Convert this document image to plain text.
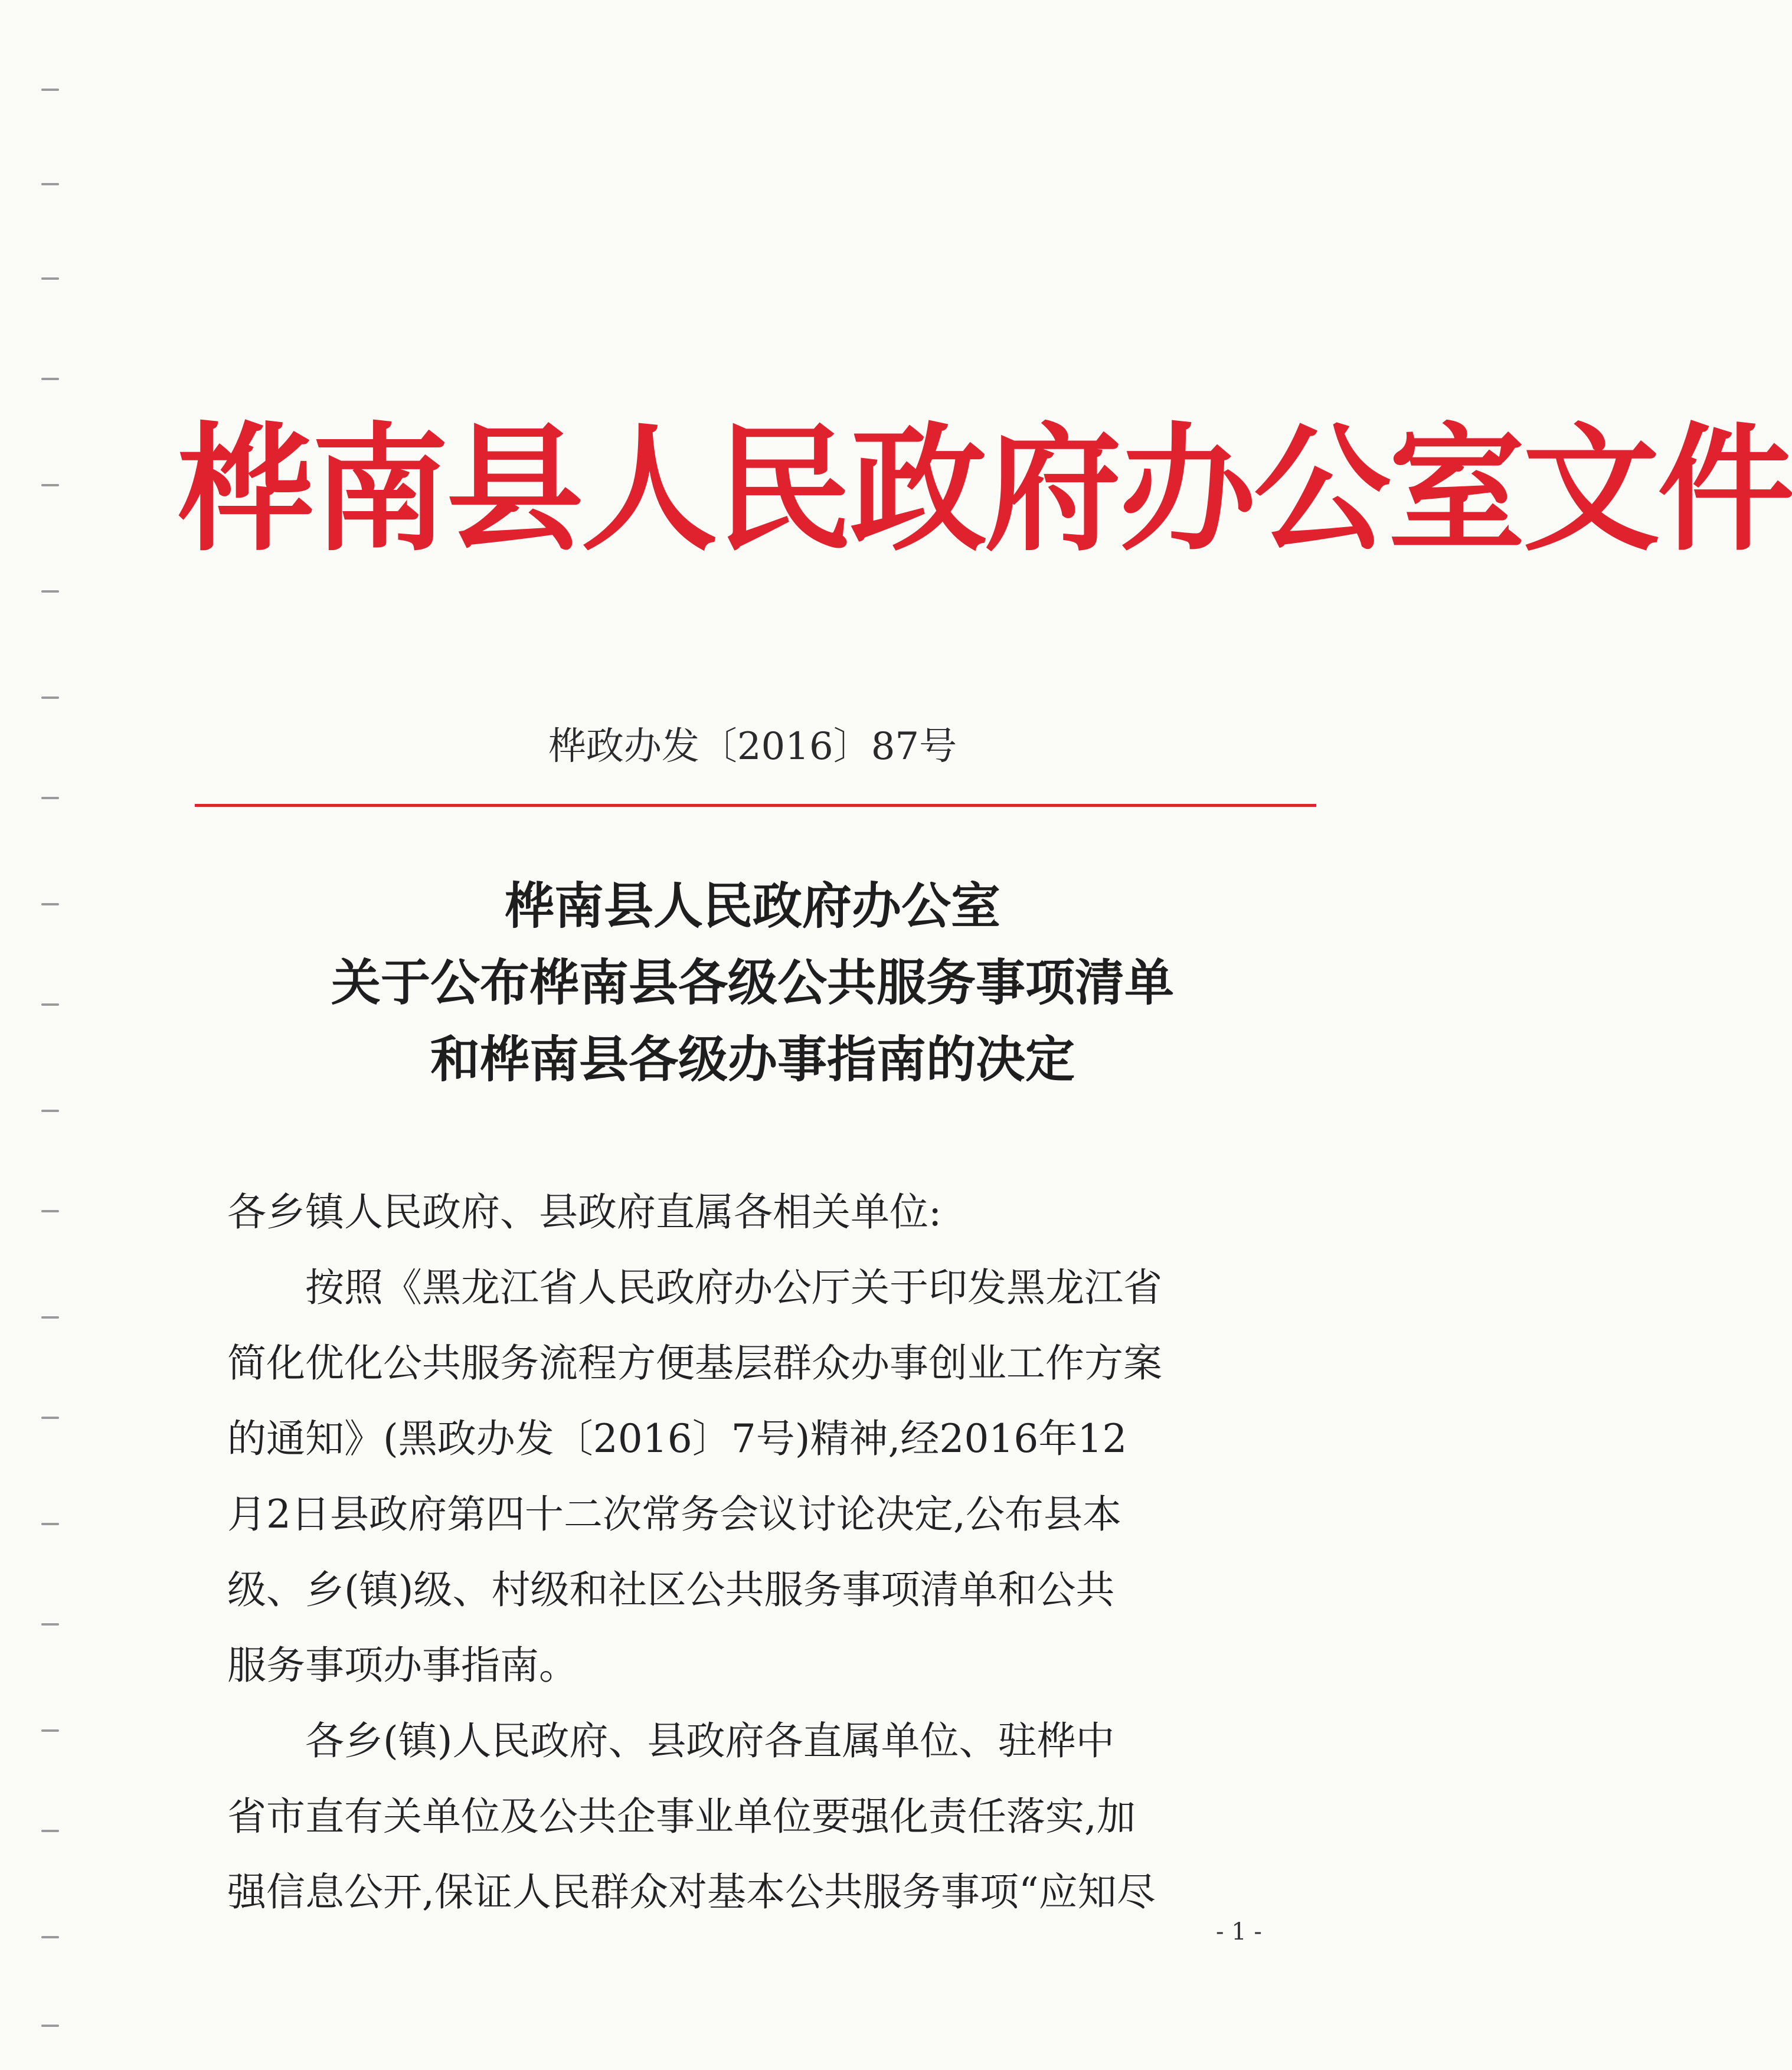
桦南县人民政府办公室文件
桦政办发〔2016〕87号
桦南县人民政府办公室
关于公布桦南县各级公共服务事项清单
和桦南县各级办事指南的决定

各乡镇人民政府、县政府直属各相关单位:

按照《黑龙江省人民政府办公厅关于印发黑龙江省

简化优化公共服务流程方便基层群众办事创业工作方案

的通知》(黑政办发〔2016〕7号)精神,经2016年12

月2日县政府第四十二次常务会议讨论决定,公布县本

级、乡(镇)级、村级和社区公共服务事项清单和公共

服务事项办事指南。

各乡(镇)人民政府、县政府各直属单位、驻桦中

省市直有关单位及公共企事业单位要强化责任落实,加

强信息公开,保证人民群众对基本公共服务事项“应知尽

- 1 -
